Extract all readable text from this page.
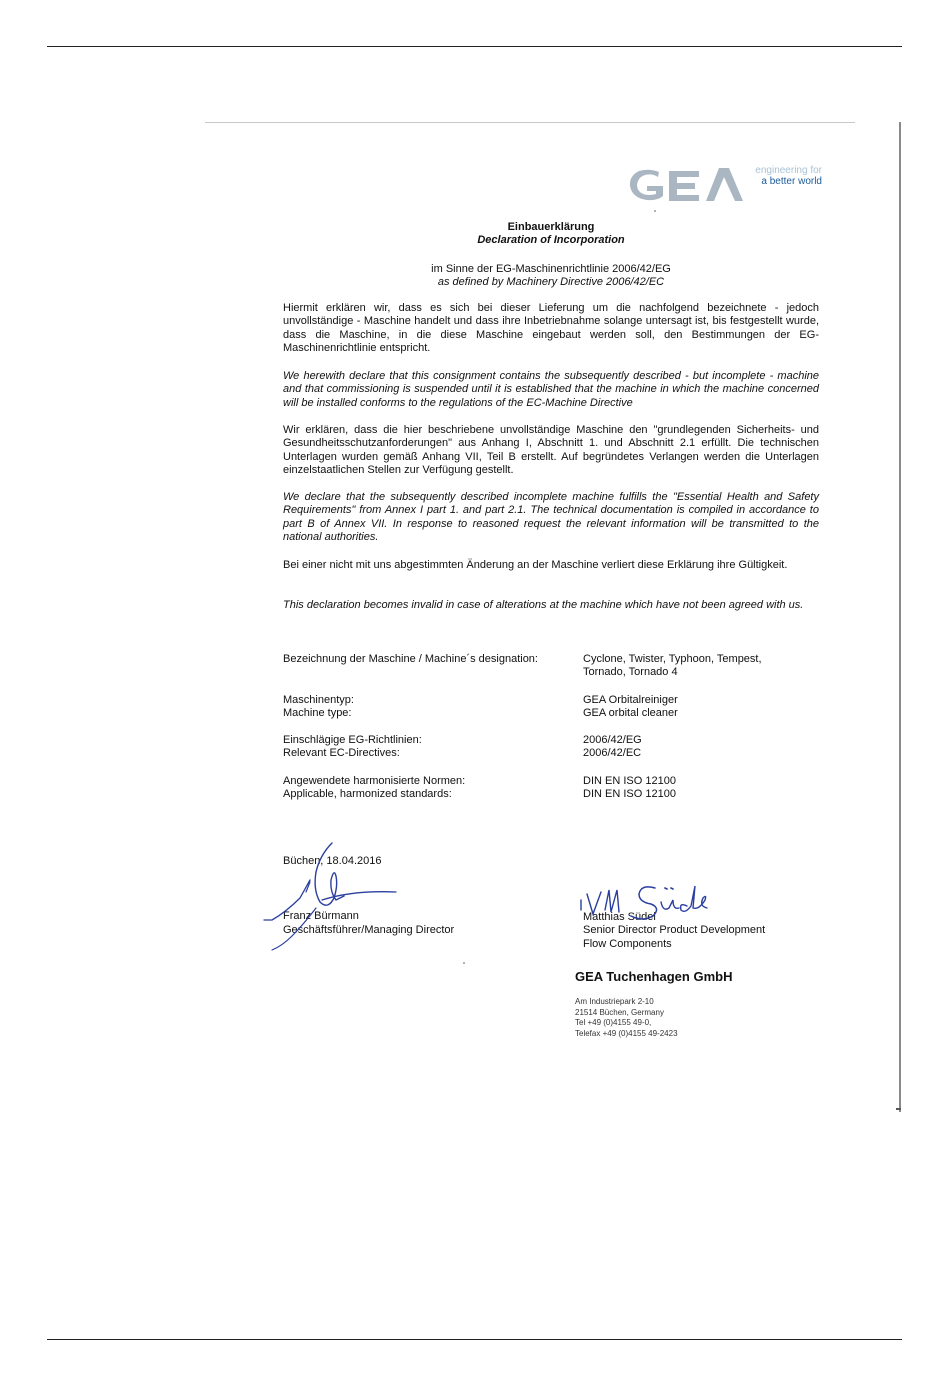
engineering for
a better world
Einbauerklärung
Declaration of Incorporation
im Sinne der EG-Maschinenrichtlinie 2006/42/EG
as defined by Machinery Directive 2006/42/EC

Hiermit erklären wir, dass es sich bei dieser Lieferung um die nachfolgend bezeichnete - jedoch unvollständige - Maschine handelt und dass ihre Inbetriebnahme solange untersagt ist, bis festgestellt wurde, dass die Maschine, in die diese Maschine eingebaut werden soll, den Bestimmungen der EG-Maschinenrichtlinie entspricht.

We herewith declare that this consignment contains the subsequently described - but incomplete - machine and that commissioning is suspended until it is established that the machine in which the machine concerned will be installed conforms to the regulations of the EC-Machine Directive

Wir erklären, dass die hier beschriebene unvollständige Maschine den "grundlegenden Sicherheits- und Gesundheitsschutzanforderungen" aus Anhang I, Abschnitt 1. und Abschnitt 2.1 erfüllt. Die technischen Unterlagen wurden gemäß Anhang VII, Teil B erstellt. Auf begründetes Verlangen werden die Unterlagen einzelstaatlichen Stellen zur Verfügung gestellt.

We declare that the subsequently described incomplete machine fulfills the "Essential Health and Safety Requirements" from Annex I part 1. and part 2.1. The technical documentation is compiled in accordance to part B of Annex VII. In response to reasoned request the relevant information will be transmitted to the national authorities.

Bei einer nicht mit uns abgestimmten Änderung an der Maschine verliert diese Erklärung ihre Gültigkeit.

This declaration becomes invalid in case of alterations at the machine which have not been agreed with us.

Bezeichnung der Maschine / Machine´s designation:	Cyclone, Twister, Typhoon, Tempest,
Tornado, Tornado 4
Maschinentyp:
Machine type:
GEA Orbitalreiniger
GEA orbital cleaner
Einschlägige EG-Richtlinien:
Relevant EC-Directives:
2006/42/EG
2006/42/EC
Angewendete harmonisierte Normen:
Applicable, harmonized standards:
DIN EN ISO 12100
DIN EN ISO 12100
Büchen, 18.04.2016
Franz Bürmann
Geschäftsführer/Managing Director
Matthias Südel
Senior Director Product Development
Flow Components
GEA Tuchenhagen GmbH
Am Industriepark 2-10
21514 Büchen, Germany
Tel +49 (0)4155 49-0,
Telefax +49 (0)4155 49-2423
